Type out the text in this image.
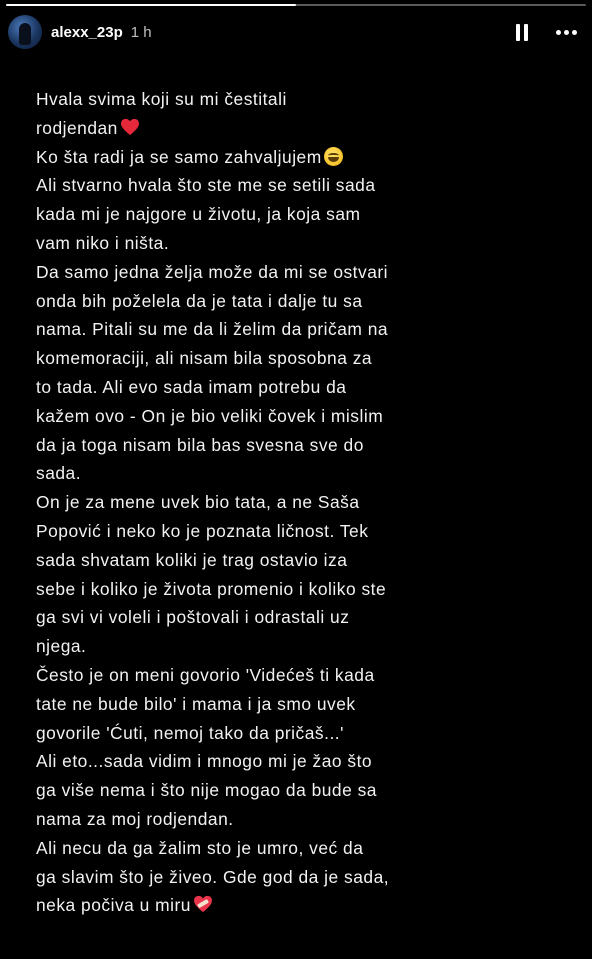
alexx_23p 1 h
Hvala svima koji su mi čestitali
rodjendan
Ko šta radi ja se samo zahvaljujem
Ali stvarno hvala što ste me se setili sada
kada mi je najgore u životu, ja koja sam
vam niko i ništa.
Da samo jedna želja može da mi se ostvari
onda bih poželela da je tata i dalje tu sa
nama. Pitali su me da li želim da pričam na
komemoraciji, ali nisam bila sposobna za
to tada. Ali evo sada imam potrebu da
kažem ovo - On je bio veliki čovek i mislim
da ja toga nisam bila bas svesna sve do
sada.
On je za mene uvek bio tata, a ne Saša
Popović i neko ko je poznata ličnost. Tek
sada shvatam koliki je trag ostavio iza
sebe i koliko je života promenio i koliko ste
ga svi vi voleli i poštovali i odrastali uz
njega.
Često je on meni govorio 'Videćeš ti kada
tate ne bude bilo' i mama i ja smo uvek
govorile 'Ćuti, nemoj tako da pričaš...'
Ali eto...sada vidim i mnogo mi je žao što
ga više nema i što nije mogao da bude sa
nama za moj rodjendan.
Ali necu da ga žalim sto je umro, već da
ga slavim što je živeo. Gde god da je sada,
neka počiva u miru
